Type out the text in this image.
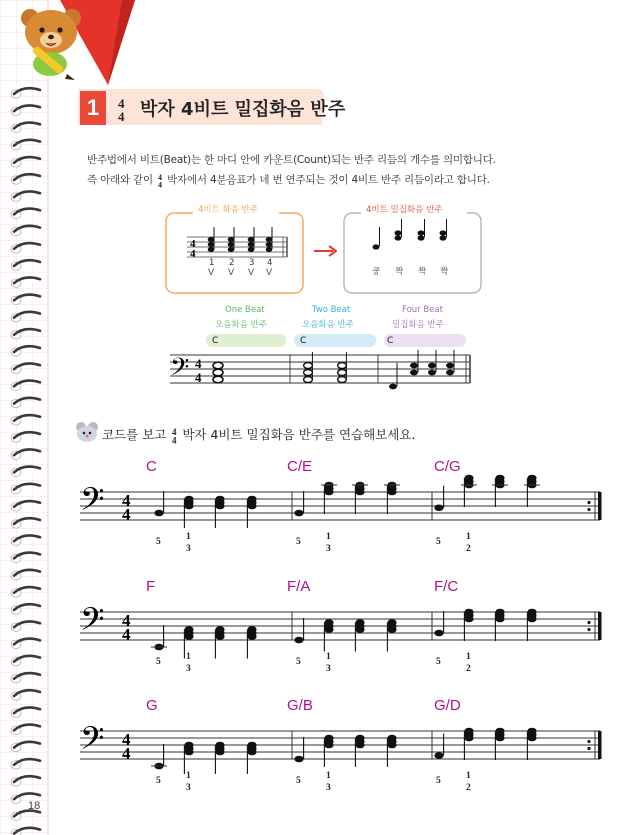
1	4
4 박자 4비트 밀집화음 반주
반주법에서 비트(Beat)는 한 마디 안에 카운트(Count)되는 반주 리듬의 개수를 의미합니다.
즉 아래와 같이 4
4 박자에서 4분음표가 네 번 연주되는 것이 4비트 반주 리듬이라고 합니다.
4
4
4비트 화음 반주
1
V
2
V
3
V
4
V
4비트 밀집화음 반주
쿵 짝 짝 짝
One Beat
오음화음 반주
Two Beat
오음화음 반주
Four Beat
밀집화음 반주
𝄢 4
4
C	C	C
코드를 보고 4
4 박자 4비트 밀집화음 반주를 연습해보세요.
𝄢 4
4
5	1
3
C
5	1
3
C/E
5	1
2
C/G
𝄢 4
4
5	1
3
F
5	1
3
F/A
5	1
2
F/C
𝄢 4
4
5	1
3
G
5	1
3
G/B
5	1
2
G/D
18
